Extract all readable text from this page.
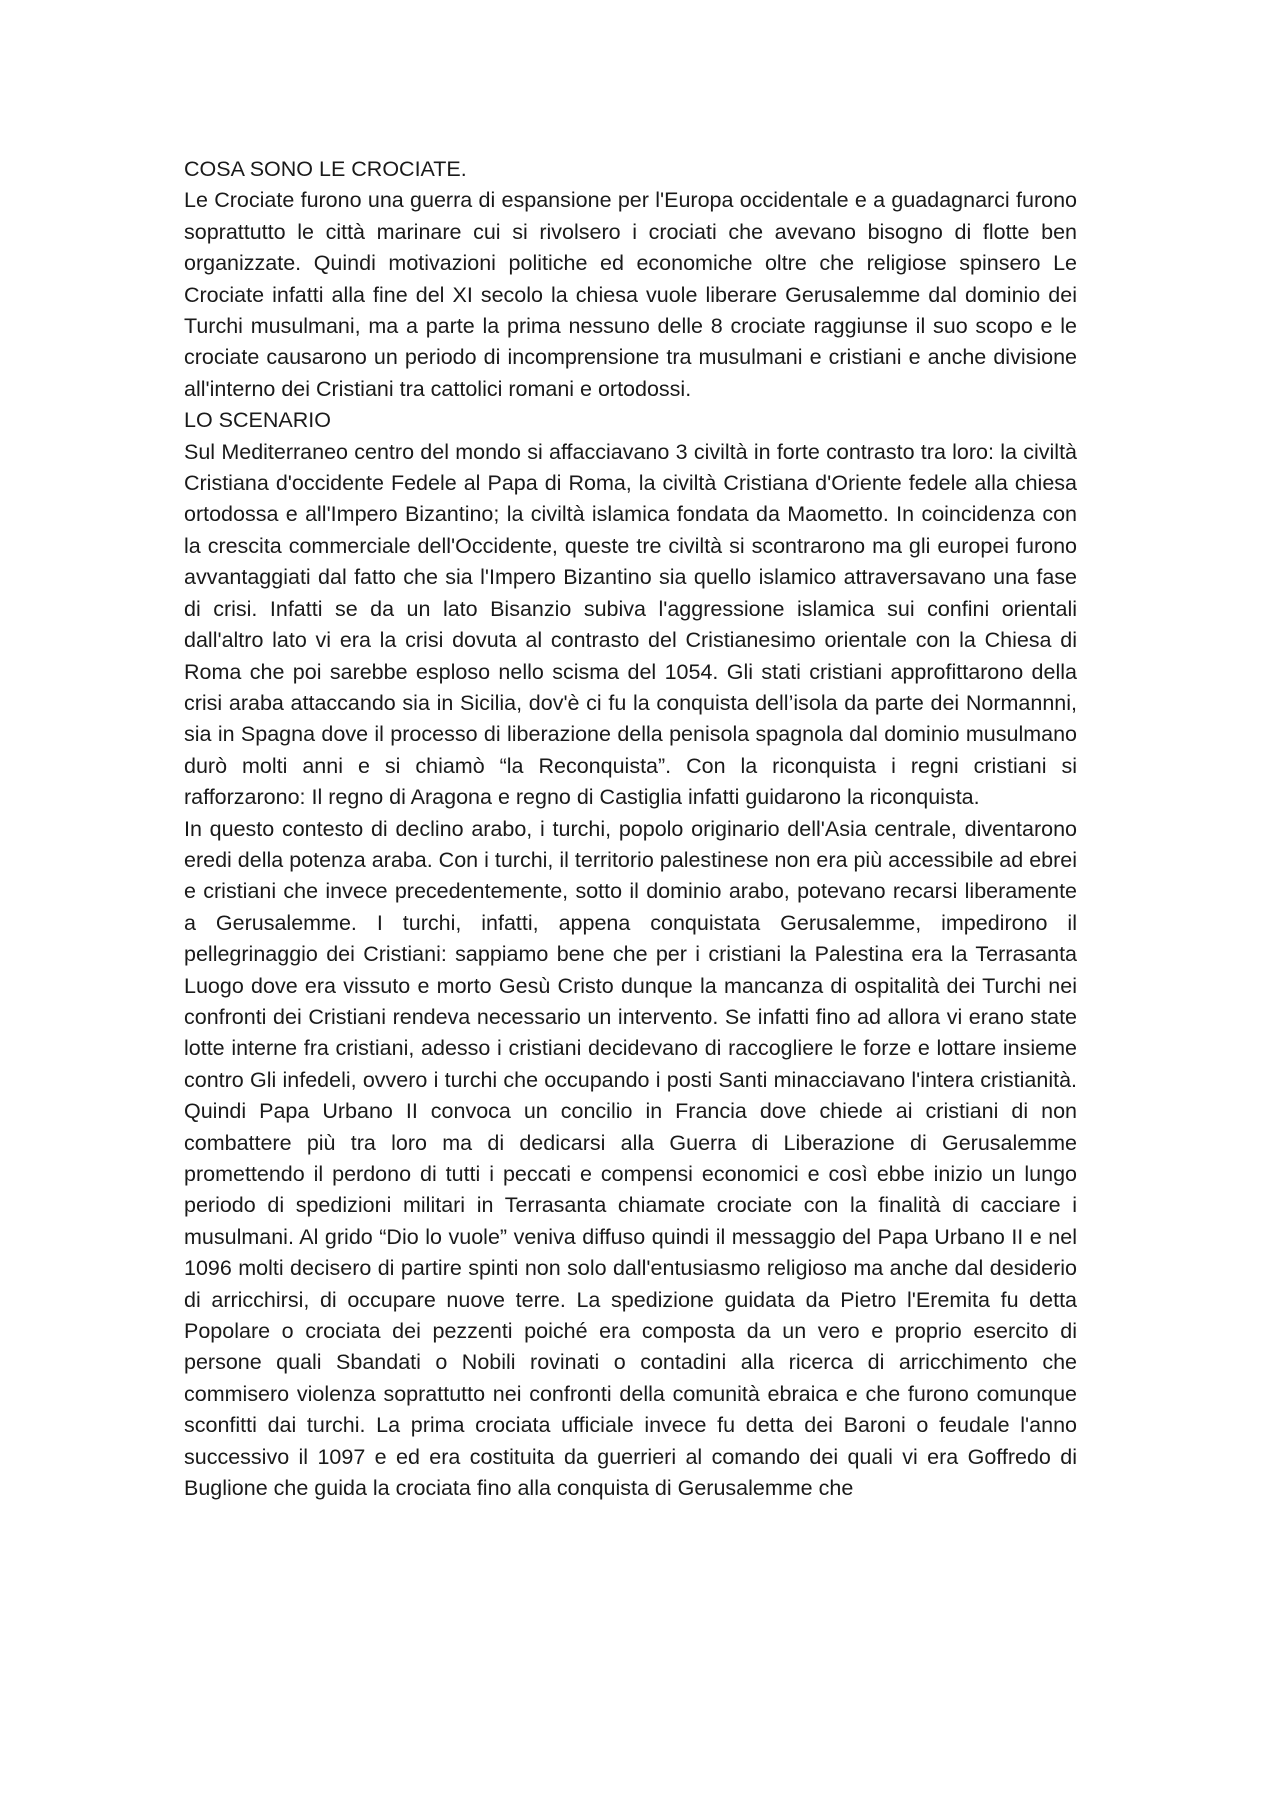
COSA SONO LE CROCIATE.

Le Crociate furono una guerra di espansione per l'Europa occidentale e a guadagnarci furono soprattutto le città marinare cui si rivolsero i crociati che avevano bisogno di flotte ben organizzate. Quindi motivazioni politiche ed economiche oltre che religiose spinsero Le Crociate infatti alla fine del XI secolo la chiesa vuole liberare Gerusalemme dal dominio dei Turchi musulmani, ma a parte la prima nessuno delle 8 crociate raggiunse il suo scopo e le crociate causarono un periodo di incomprensione tra musulmani e cristiani e anche divisione all'interno dei Cristiani tra cattolici romani e ortodossi.

LO SCENARIO

Sul Mediterraneo centro del mondo si affacciavano 3 civiltà in forte contrasto tra loro: la civiltà Cristiana d'occidente Fedele al Papa di Roma, la civiltà Cristiana d'Oriente fedele alla chiesa ortodossa e all'Impero Bizantino; la civiltà islamica fondata da Maometto. In coincidenza con la crescita commerciale dell'Occidente, queste tre civiltà si scontrarono ma gli europei furono avvantaggiati dal fatto che sia l'Impero Bizantino sia quello islamico attraversavano una fase di crisi. Infatti se da un lato Bisanzio subiva l'aggressione islamica sui confini orientali dall'altro lato vi era la crisi dovuta al contrasto del Cristianesimo orientale con la Chiesa di Roma che poi sarebbe esploso nello scisma del 1054. Gli stati cristiani approfittarono della crisi araba attaccando sia in Sicilia, dov'è ci fu la conquista dell’isola da parte dei Normannni, sia in Spagna dove il processo di liberazione della penisola spagnola dal dominio musulmano durò molti anni e si chiamò “la Reconquista”. Con la riconquista i regni cristiani si rafforzarono: Il regno di Aragona e regno di Castiglia infatti guidarono la riconquista.

In questo contesto di declino arabo, i turchi, popolo originario dell'Asia centrale, diventarono eredi della potenza araba. Con i turchi, il territorio palestinese non era più accessibile ad ebrei e cristiani che invece precedentemente, sotto il dominio arabo, potevano recarsi liberamente a Gerusalemme. I turchi, infatti, appena conquistata Gerusalemme, impedirono il pellegrinaggio dei Cristiani: sappiamo bene che per i cristiani la Palestina era la Terrasanta Luogo dove era vissuto e morto Gesù Cristo dunque la mancanza di ospitalità dei Turchi nei confronti dei Cristiani rendeva necessario un intervento. Se infatti fino ad allora vi erano state lotte interne fra cristiani, adesso i cristiani decidevano di raccogliere le forze e lottare insieme contro Gli infedeli, ovvero i turchi che occupando i posti Santi minacciavano l'intera cristianità. Quindi Papa Urbano II convoca un concilio in Francia dove chiede ai cristiani di non combattere più tra loro ma di dedicarsi alla Guerra di Liberazione di Gerusalemme promettendo il perdono di tutti i peccati e compensi economici e così ebbe inizio un lungo periodo di spedizioni militari in Terrasanta chiamate crociate con la finalità di cacciare i musulmani. Al grido “Dio lo vuole” veniva diffuso quindi il messaggio del Papa Urbano II e nel 1096 molti decisero di partire spinti non solo dall'entusiasmo religioso ma anche dal desiderio di arricchirsi, di occupare nuove terre. La spedizione guidata da Pietro l'Eremita fu detta Popolare o crociata dei pezzenti poiché era composta da un vero e proprio esercito di persone quali Sbandati o Nobili rovinati o contadini alla ricerca di arricchimento che commisero violenza soprattutto nei confronti della comunità ebraica e che furono comunque sconfitti dai turchi. La prima crociata ufficiale invece fu detta dei Baroni o feudale l'anno successivo il 1097 e ed era costituita da guerrieri al comando dei quali vi era Goffredo di Buglione che guida la crociata fino alla conquista di Gerusalemme che
